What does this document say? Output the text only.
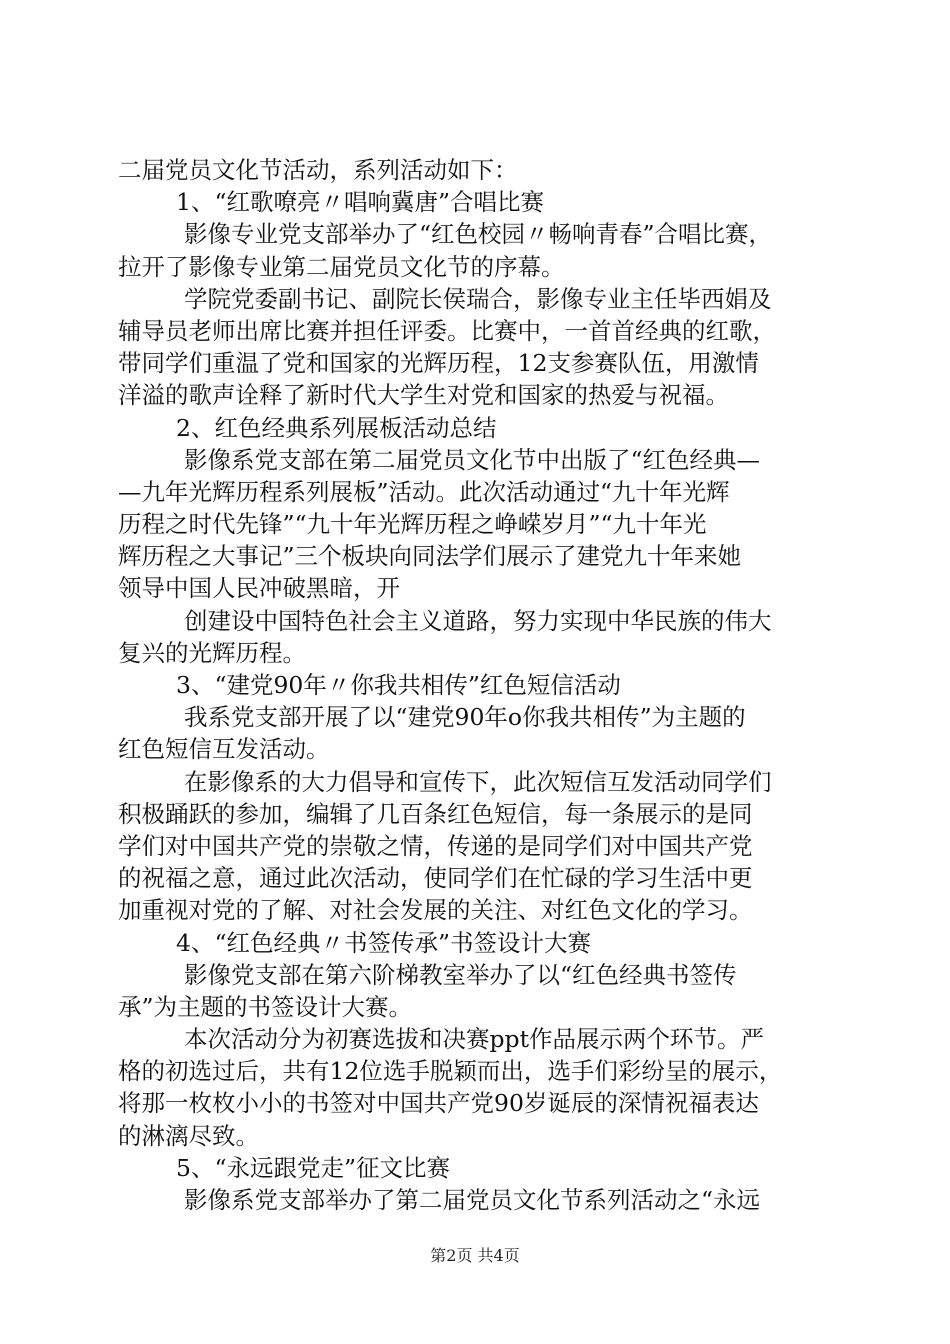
二届党员文化节活动，系列活动如下：
1、“红歌嘹亮〃唱响冀唐”合唱比赛
影像专业党支部举办了“红色校园〃畅响青春”合唱比赛，
拉开了影像专业第二届党员文化节的序幕。
学院党委副书记、副院长侯瑞合，影像专业主任毕西娟及
辅导员老师出席比赛并担任评委。比赛中，一首首经典的红歌，
带同学们重温了党和国家的光辉历程，12支参赛队伍，用激情
洋溢的歌声诠释了新时代大学生对党和国家的热爱与祝福。
2、红色经典系列展板活动总结
影像系党支部在第二届党员文化节中出版了“红色经典—
—九年光辉历程系列展板”活动。此次活动通过“九十年光辉
历程之时代先锋”“九十年光辉历程之峥嵘岁月”“九十年光
辉历程之大事记”三个板块向同法学们展示了建党九十年来她
领导中国人民冲破黑暗，开
创建设中国特色社会主义道路，努力实现中华民族的伟大
复兴的光辉历程。
3、“建党90年〃你我共相传”红色短信活动
我系党支部开展了以“建党90年o你我共相传”为主题的
红色短信互发活动。
在影像系的大力倡导和宣传下，此次短信互发活动同学们
积极踊跃的参加，编辑了几百条红色短信，每一条展示的是同
学们对中国共产党的崇敬之情，传递的是同学们对中国共产党
的祝福之意，通过此次活动，使同学们在忙碌的学习生活中更
加重视对党的了解、对社会发展的关注、对红色文化的学习。
4、“红色经典〃书签传承”书签设计大赛
影像党支部在第六阶梯教室举办了以“红色经典书签传
承”为主题的书签设计大赛。
本次活动分为初赛选拔和决赛ppt作品展示两个环节。严
格的初选过后，共有12位选手脱颖而出，选手们彩纷呈的展示，
将那一枚枚小小的书签对中国共产党90岁诞辰的深情祝福表达
的淋漓尽致。
5、“永远跟党走”征文比赛
影像系党支部举办了第二届党员文化节系列活动之“永远
第2页 共4页
